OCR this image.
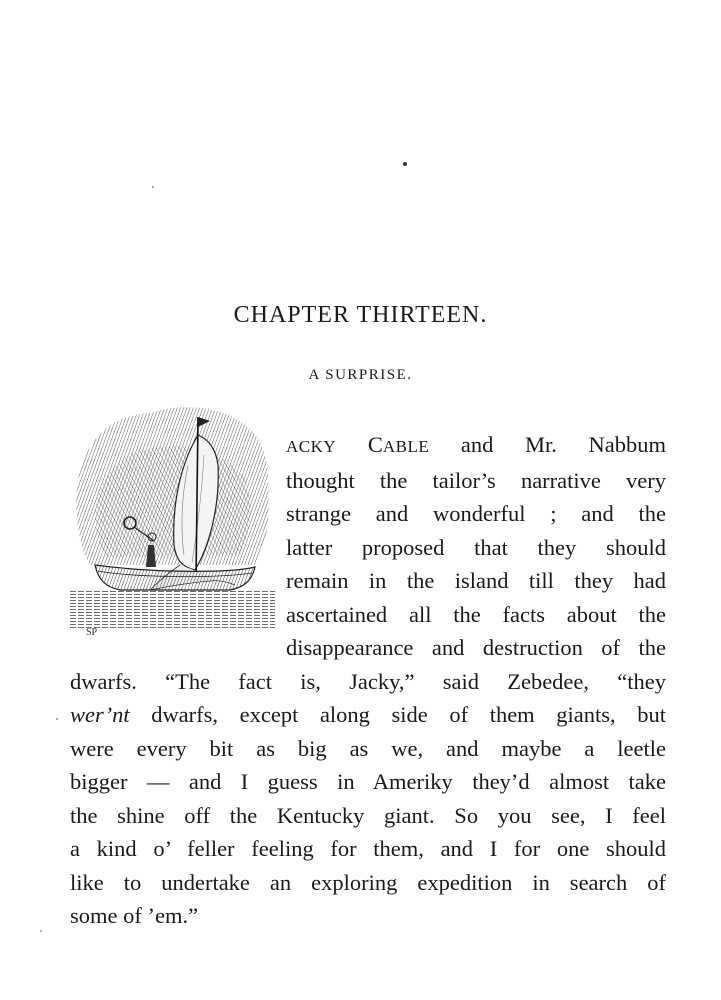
CHAPTER THIRTEEN.
A SURPRISE.
SP
ACKY CABLE and Mr. Nabbum
thought the tailor’s narrative very
strange and wonderful ; and the
latter proposed that they should
remain in the island till they had
ascertained all the facts about the
disappearance and destruction of the
dwarfs. “The fact is, Jacky,” said Zebedee, “they
wer’nt dwarfs, except along side of them giants, but
were every bit as big as we, and maybe a leetle
bigger — and I guess in Ameriky they’d almost take
the shine off the Kentucky giant. So you see, I feel
a kind o’ feller feeling for them, and I for one should
like to undertake an exploring expedition in search of
some of ’em.”
